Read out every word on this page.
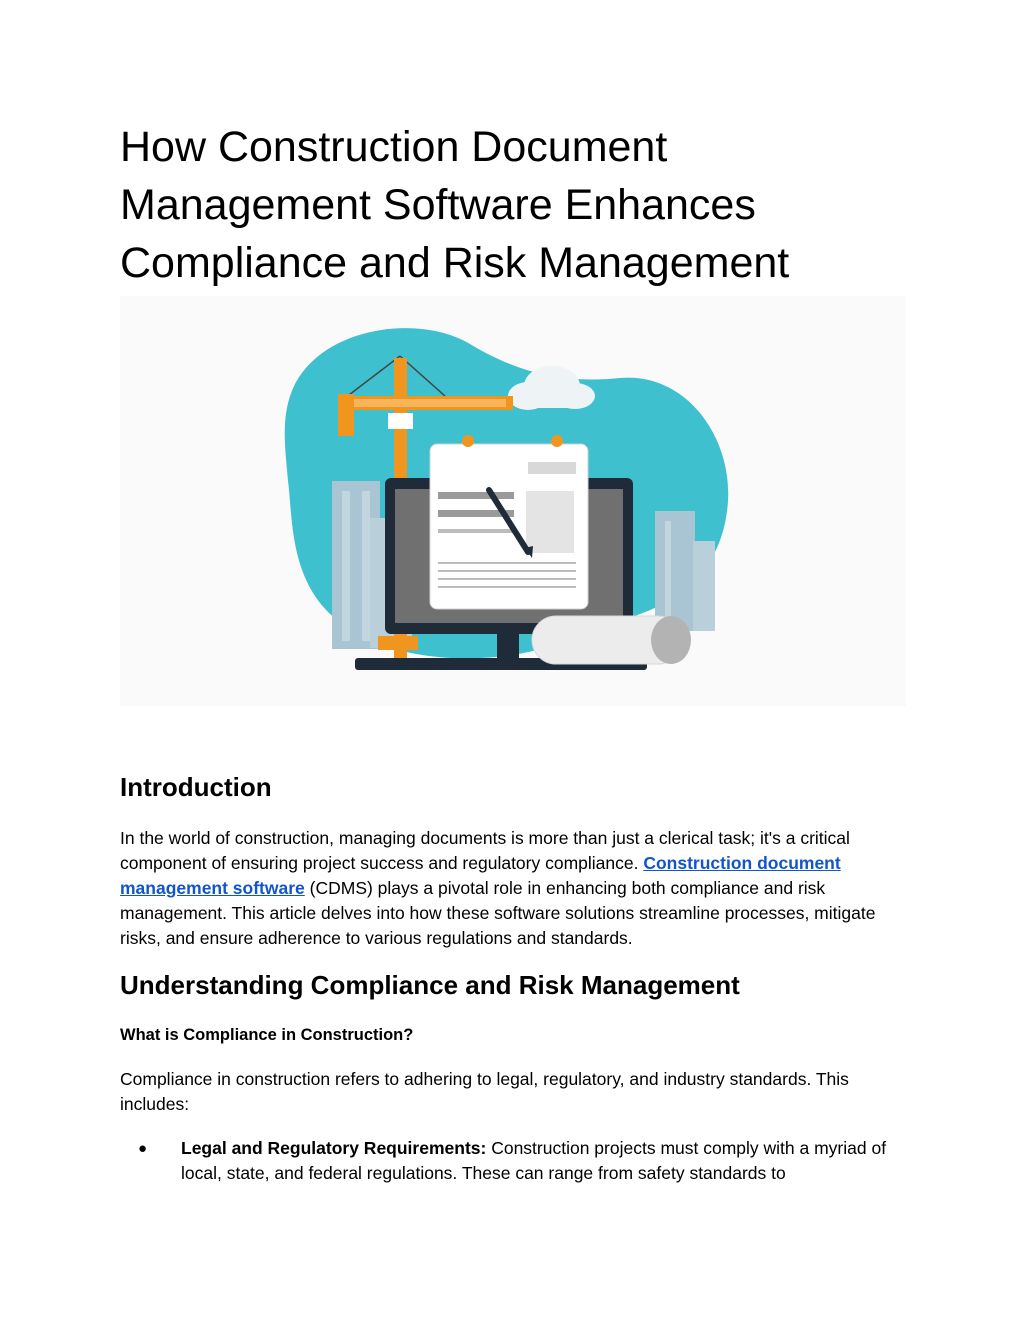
How Construction Document Management Software Enhances Compliance and Risk Management
Introduction

In the world of construction, managing documents is more than just a clerical task; it's a critical component of ensuring project success and regulatory compliance. Construction document management software (CDMS) plays a pivotal role in enhancing both compliance and risk management. This article delves into how these software solutions streamline processes, mitigate risks, and ensure adherence to various regulations and standards.

Understanding Compliance and Risk Management
What is Compliance in Construction?

Compliance in construction refers to adhering to legal, regulatory, and industry standards. This includes:

● Legal and Regulatory Requirements: Construction projects must comply with a myriad of local, state, and federal regulations. These can range from safety standards to
